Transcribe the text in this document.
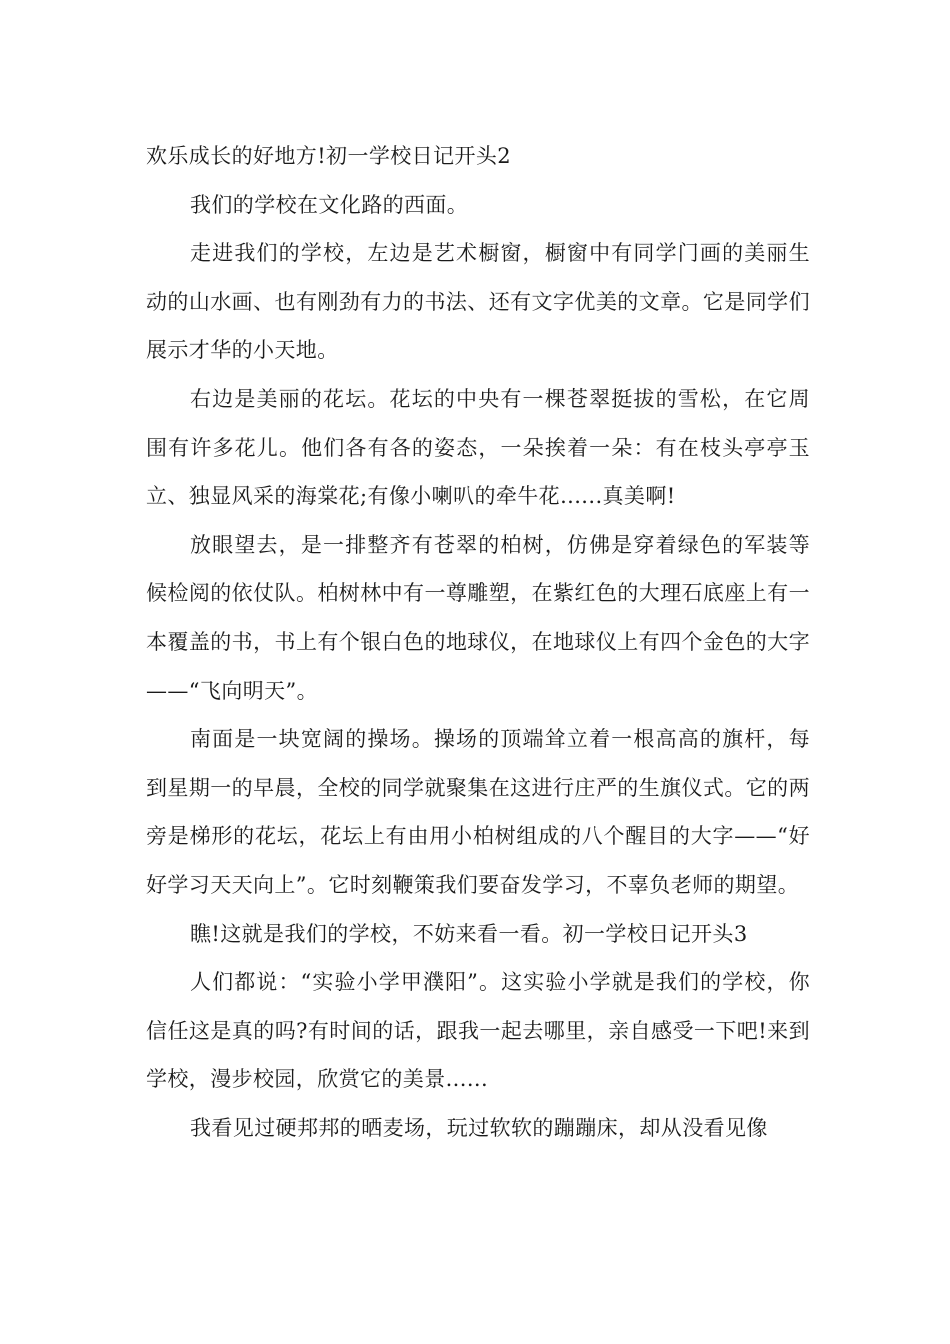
欢乐成长的好地方!初一学校日记开头2

我们的学校在文化路的西面。

走进我们的学校，左边是艺术橱窗，橱窗中有同学门画的美丽生动的山水画、也有刚劲有力的书法、还有文字优美的文章。它是同学们展示才华的小天地。

右边是美丽的花坛。花坛的中央有一棵苍翠挺拔的雪松，在它周围有许多花儿。他们各有各的姿态，一朵挨着一朵：有在枝头亭亭玉立、独显风采的海棠花;有像小喇叭的牵牛花......真美啊!

放眼望去，是一排整齐有苍翠的柏树，仿佛是穿着绿色的军装等候检阅的依仗队。柏树林中有一尊雕塑，在紫红色的大理石底座上有一本覆盖的书，书上有个银白色的地球仪，在地球仪上有四个金色的大字——“飞向明天”。

南面是一块宽阔的操场。操场的顶端耸立着一根高高的旗杆，每到星期一的早晨，全校的同学就聚集在这进行庄严的生旗仪式。它的两旁是梯形的花坛，花坛上有由用小柏树组成的八个醒目的大字——“好好学习天天向上”。它时刻鞭策我们要奋发学习，不辜负老师的期望。

瞧!这就是我们的学校，不妨来看一看。初一学校日记开头3

人们都说：“实验小学甲濮阳”。这实验小学就是我们的学校，你信任这是真的吗?有时间的话，跟我一起去哪里，亲自感受一下吧!来到学校，漫步校园，欣赏它的美景......

我看见过硬邦邦的晒麦场，玩过软软的蹦蹦床，却从没看见像
